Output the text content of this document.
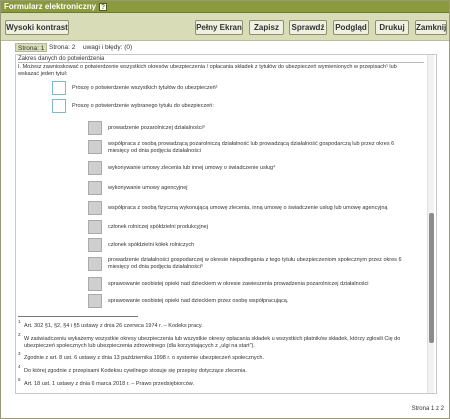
Formularz elektroniczny ?
Wysoki kontrast	Pełny Ekran	Zapisz	Sprawdź	Podgląd	Drukuj	Zamknij
Strona: 1 Strona: 2	uwagi i błędy: (0)
Zakres danych do potwierdzenia
I. Możesz zawnioskować o potwierdzenie wszystkich okresów ubezpieczenia / opłacania składek z tytułów do ubezpieczeń wymienionych w przepisach¹ lub wskazać jeden tytuł:
Proszę o potwierdzenie wszystkich tytułów do ubezpieczeń²
Proszę o potwierdzenie wybranego tytułu do ubezpieczeń:
prowadzenie pozarolniczej działalności³
współpraca z osobą prowadzącą pozarolniczą działalność lub prowadzącą działalność gospodarczą lub przez okres 6 miesięcy od dnia podjęcia działalności
wykonywanie umowy zlecenia lub innej umowy o świadczenie usług⁴
wykonywanie umowy agencyjnej
współpraca z osobą fizyczną wykonującą umowę zlecenia, inną umowę o świadczenie usług lub umowę agencyjną
członek rolniczej spółdzielni produkcyjnej
członek spółdzielni kółek rolniczych
prowadzenie działalności gospodarczej w okresie niepodlegania z tego tytułu ubezpieczeniom społecznym przez okres 6 miesięcy od dnia podjęcia działalności⁵
sprawowanie osobistej opieki nad dzieckiem w okresie zawieszenia prowadzenia pozarolniczej działalności
sprawowanie osobistej opieki nad dzieckiem przez osobę współpracującą.
1
Art. 302 §1, §2, §4 i §5 ustawy z dnia 26 czerwca 1974 r. – Kodeks pracy.
2
W zaświadczeniu wykażemy wszystkie okresy ubezpieczenia lub wszystkie okresy opłacania składek u wszystkich płatników składek, którzy zgłosili Cię do ubezpieczeń społecznych lub ubezpieczenia zdrowotnego (dla korzystających z „ulgi na start”).
3
Zgodnie z art. 8 ust. 6 ustawy z dnia 13 października 1998 r. o systemie ubezpieczeń społecznych.
4
Do której zgodnie z przepisami Kodeksu cywilnego stosuje się przepisy dotyczące zlecenia.
5
Art. 18 ust. 1 ustawy z dnia 6 marca 2018 r. – Prawo przedsiębiorców.
Strona 1 z 2
